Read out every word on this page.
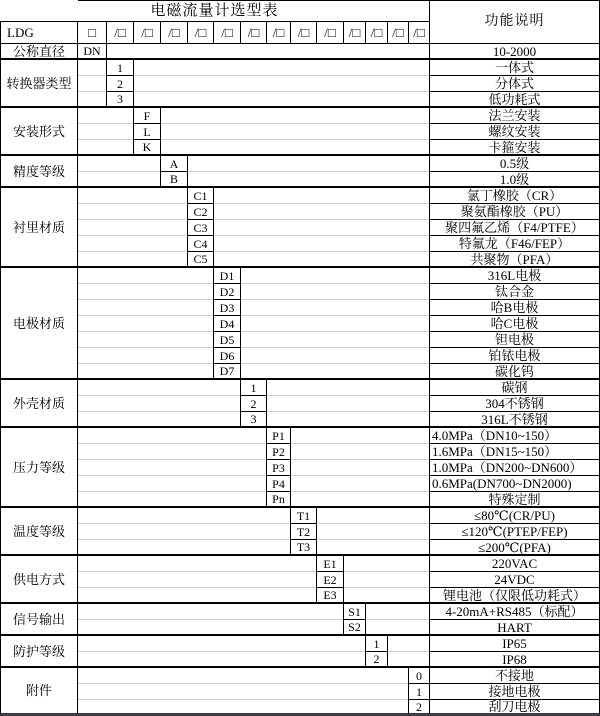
电磁流量计选型表
功能说明
LDG	□	/□	/□	/□	/□	/□	/□	/□	/□	/□	/□ /□ /□ /□
公称直径	DN	10-2000
转换器类型
1	一体式
2	分体式
3	低功耗式
安装形式
F	法兰安装
L	螺纹安装
K	卡箍安装
精度等级	A	0.5级
B	1.0级
衬里材质
C1	氯丁橡胶（CR）
C2	聚氨酯橡胶（PU）
C3	聚四氟乙烯（F4/PTFE）
C4	特氟龙（F46/FEP）
C5	共聚物（PFA）
电极材质
D1	316L电极
D2	钛合金
D3	哈B电极
D4	哈C电极
D5	钽电极
D6	铂铱电极
D7	碳化钨
外壳材质
1	碳钢
2	304不锈钢
3	316L不锈钢
压力等级
P1	4.0MPa（DN10~150）
P2	1.6MPa（DN15~150）
P3	1.0MPa（DN200~DN600）
P4	0.6MPa(DN700~DN2000)
Pn	特殊定制
温度等级
T1	≤80℃(CR/PU)
T2	≤120℃(PTEP/FEP)
T3	≤200℃(PFA)
供电方式
E1	220VAC
E2	24VDC
E3	锂电池（仅限低功耗式）
信号输出	S1	4-20mA+RS485（标配）
S2	HART
防护等级	1	IP65
2	IP68
附件
0	不接地
1	接地电极
2	刮刀电极
